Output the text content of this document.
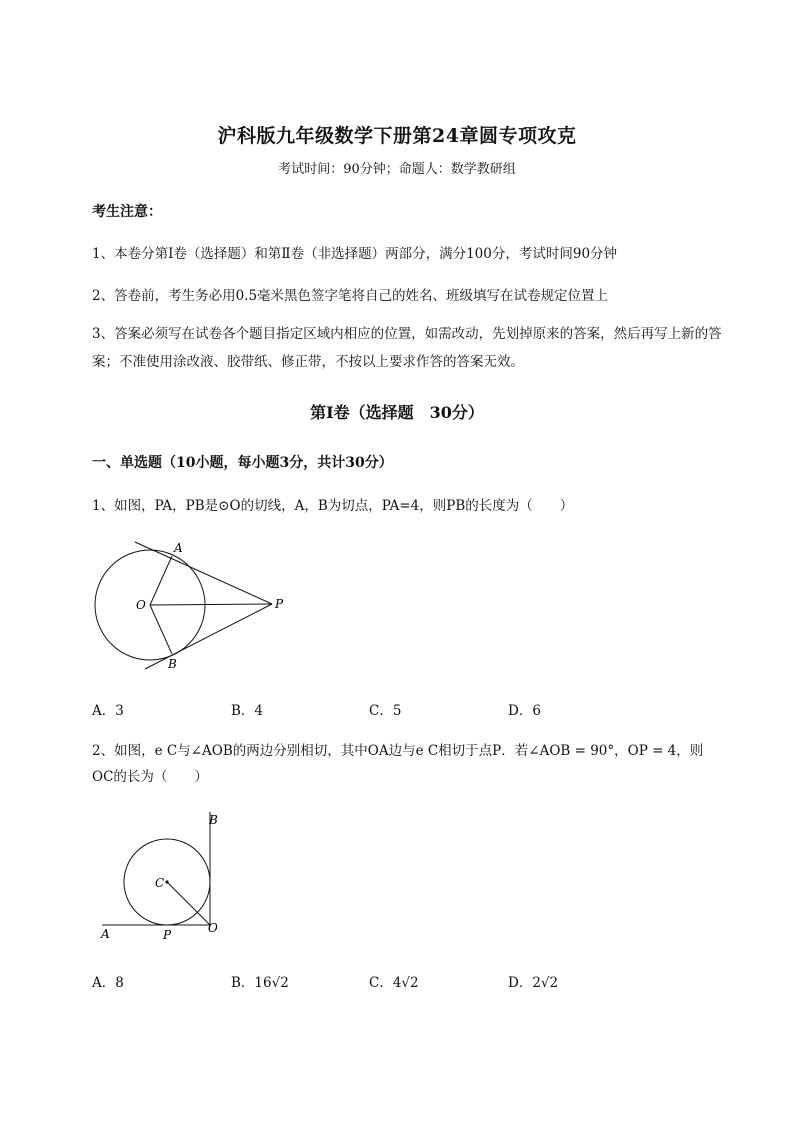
沪科版九年级数学下册第24章圆专项攻克
考试时间：90分钟；命题人：数学教研组
考生注意：
1、本卷分第I卷（选择题）和第Ⅱ卷（非选择题）两部分，满分100分，考试时间90分钟
2、答卷前，考生务必用0.5毫米黑色签字笔将自己的姓名、班级填写在试卷规定位置上
3、答案必须写在试卷各个题目指定区域内相应的位置，如需改动，先划掉原来的答案，然后再写上新的答案；不准使用涂改液、胶带纸、修正带，不按以上要求作答的答案无效。
第I卷（选择题　30分）
一、单选题（10小题，每小题3分，共计30分）
1、如图，PA，PB是⊙O的切线，A，B为切点，PA=4，则PB的长度为（　　）
A
B
O	P
A．3	B．4	C．5	D．6
2、如图，e C与∠AOB的两边分别相切，其中OA边与e C相切于点P．若∠AOB = 90°，OP = 4，则
OC的长为（　　）
B
C
O
A	P
A．8	B．16√2	C．4√2	D．2√2
